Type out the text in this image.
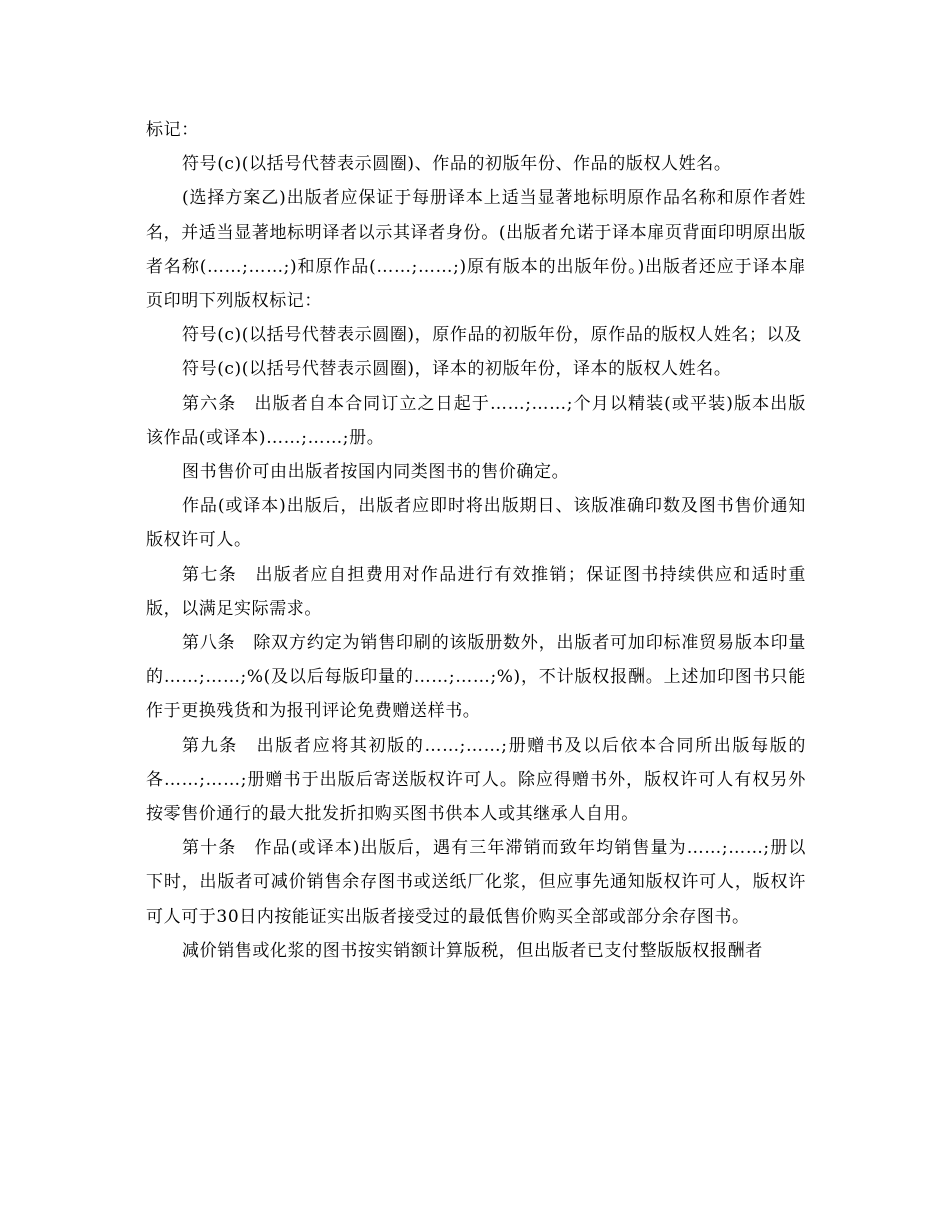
标记：

符号(c)(以括号代替表示圆圈)、作品的初版年份、作品的版权人姓名。

(选择方案乙)出版者应保证于每册译本上适当显著地标明原作品名称和原作者姓名，并适当显著地标明译者以示其译者身份。(出版者允诺于译本扉页背面印明原出版者名称(……;……;)和原作品(……;……;)原有版本的出版年份。)出版者还应于译本扉页印明下列版权标记：

符号(c)(以括号代替表示圆圈)，原作品的初版年份，原作品的版权人姓名；以及

符号(c)(以括号代替表示圆圈)，译本的初版年份，译本的版权人姓名。

第六条　出版者自本合同订立之日起于……;……;个月以精装(或平装)版本出版该作品(或译本)……;……;册。

图书售价可由出版者按国内同类图书的售价确定。

作品(或译本)出版后，出版者应即时将出版期日、该版准确印数及图书售价通知版权许可人。

第七条　出版者应自担费用对作品进行有效推销；保证图书持续供应和适时重版，以满足实际需求。

第八条　除双方约定为销售印刷的该版册数外，出版者可加印标准贸易版本印量的……;……;%(及以后每版印量的……;……;%)，不计版权报酬。上述加印图书只能作于更换残货和为报刊评论免费赠送样书。

第九条　出版者应将其初版的……;……;册赠书及以后依本合同所出版每版的各……;……;册赠书于出版后寄送版权许可人。除应得赠书外，版权许可人有权另外按零售价通行的最大批发折扣购买图书供本人或其继承人自用。

第十条　作品(或译本)出版后，遇有三年滞销而致年均销售量为……;……;册以下时，出版者可减价销售余存图书或送纸厂化浆，但应事先通知版权许可人，版权许可人可于30日内按能证实出版者接受过的最低售价购买全部或部分余存图书。

减价销售或化浆的图书按实销额计算版税，但出版者已支付整版版权报酬者
